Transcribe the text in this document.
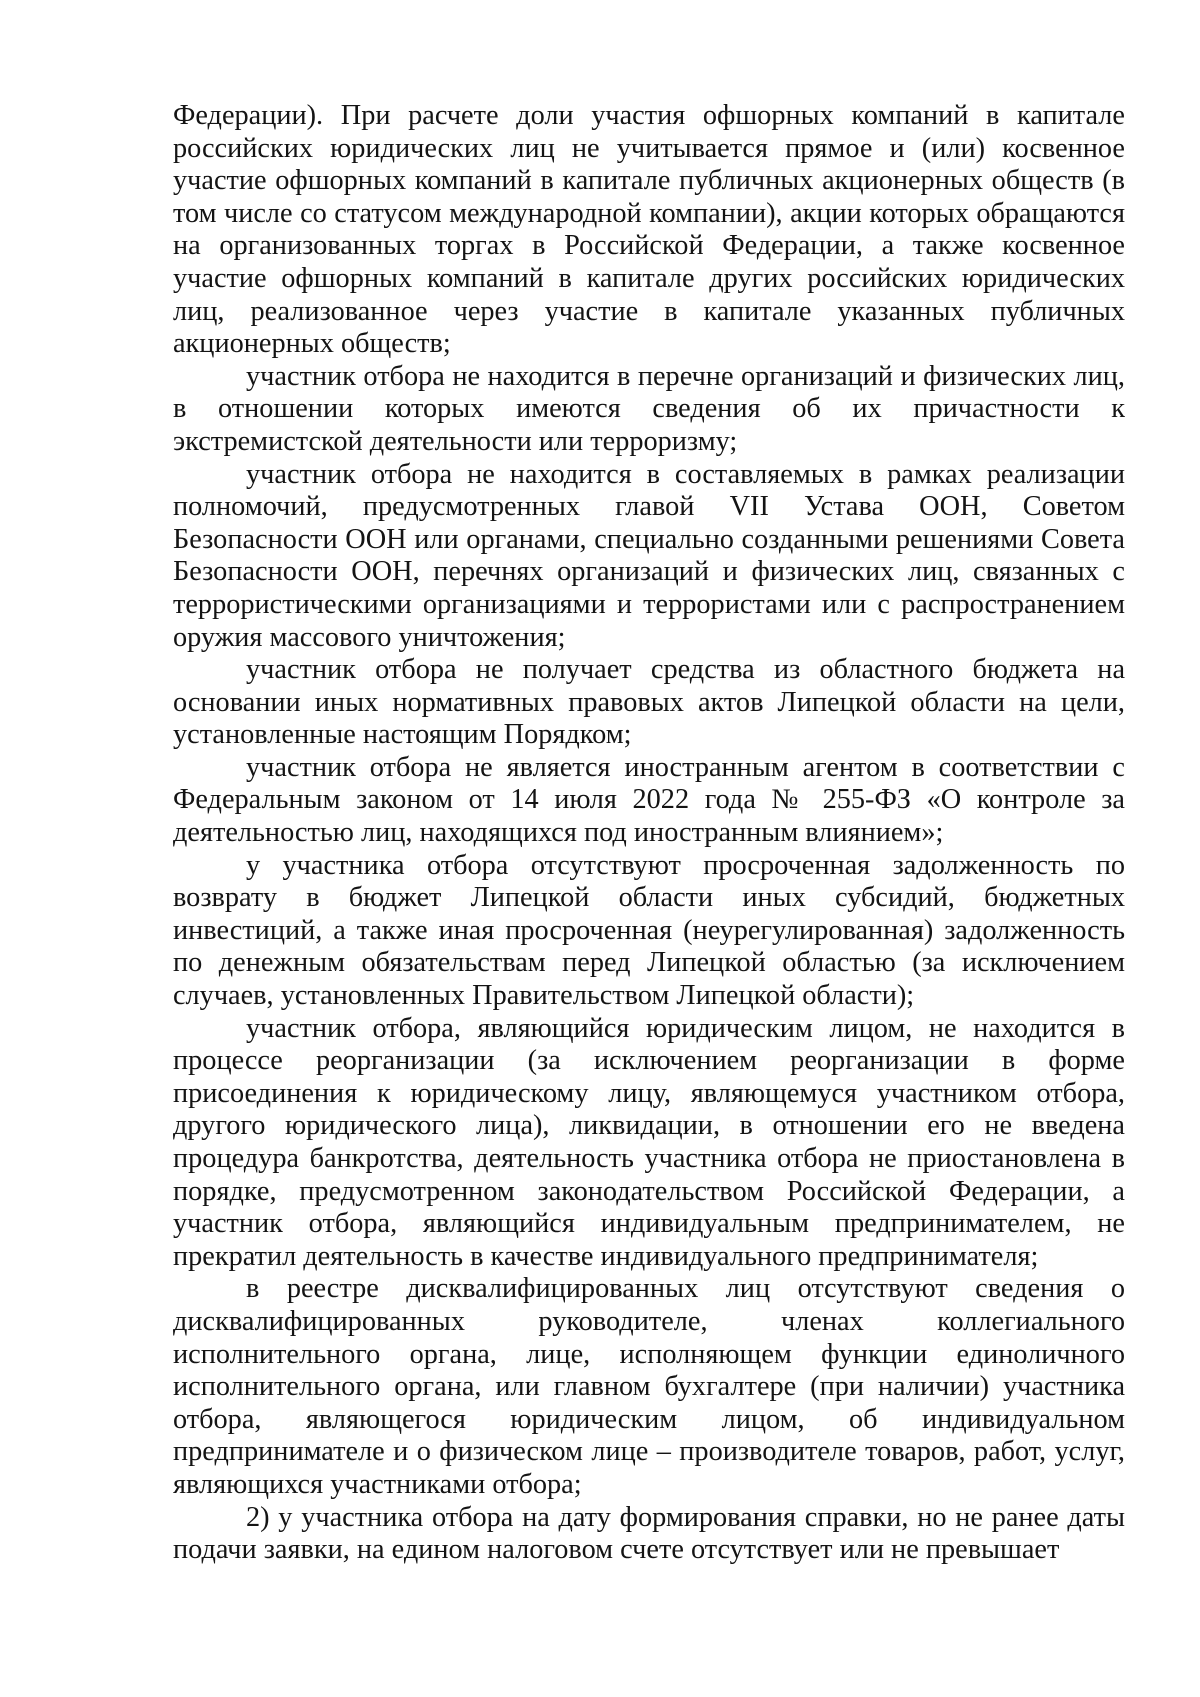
Федерации). При расчете доли участия офшорных компаний в капитале российских юридических лиц не учитывается прямое и (или) косвенное участие офшорных компаний в капитале публичных акционерных обществ (в том числе со статусом международной компании), акции которых обращаются на организованных торгах в Российской Федерации, а также косвенное участие офшорных компаний в капитале других российских юридических лиц, реализованное через участие в капитале указанных публичных акционерных обществ;

участник отбора не находится в перечне организаций и физических лиц, в отношении которых имеются сведения об их причастности к экстремистской деятельности или терроризму;

участник отбора не находится в составляемых в рамках реализации полномочий, предусмотренных главой VII Устава ООН, Советом Безопасности ООН или органами, специально созданными решениями Совета Безопасности ООН, перечнях организаций и физических лиц, связанных с террористическими организациями и террористами или с распространением оружия массового уничтожения;

участник отбора не получает средства из областного бюджета на основании иных нормативных правовых актов Липецкой области на цели, установленные настоящим Порядком;

участник отбора не является иностранным агентом в соответствии с Федеральным законом от 14 июля 2022 года № 255-ФЗ «О контроле за деятельностью лиц, находящихся под иностранным влиянием»;

у участника отбора отсутствуют просроченная задолженность по возврату в бюджет Липецкой области иных субсидий, бюджетных инвестиций, а также иная просроченная (неурегулированная) задолженность по денежным обязательствам перед Липецкой областью (за исключением случаев, установленных Правительством Липецкой области);

участник отбора, являющийся юридическим лицом, не находится в процессе реорганизации (за исключением реорганизации в форме присоединения к юридическому лицу, являющемуся участником отбора, другого юридического лица), ликвидации, в отношении его не введена процедура банкротства, деятельность участника отбора не приостановлена в порядке, предусмотренном законодательством Российской Федерации, а участник отбора, являющийся индивидуальным предпринимателем, не прекратил деятельность в качестве индивидуального предпринимателя;

в реестре дисквалифицированных лиц отсутствуют сведения о дисквалифицированных руководителе, членах коллегиального исполнительного органа, лице, исполняющем функции единоличного исполнительного органа, или главном бухгалтере (при наличии) участника отбора, являющегося юридическим лицом, об индивидуальном предпринимателе и о физическом лице – производителе товаров, работ, услуг, являющихся участниками отбора;

2) у участника отбора на дату формирования справки, но не ранее даты подачи заявки, на едином налоговом счете отсутствует или не превышает
